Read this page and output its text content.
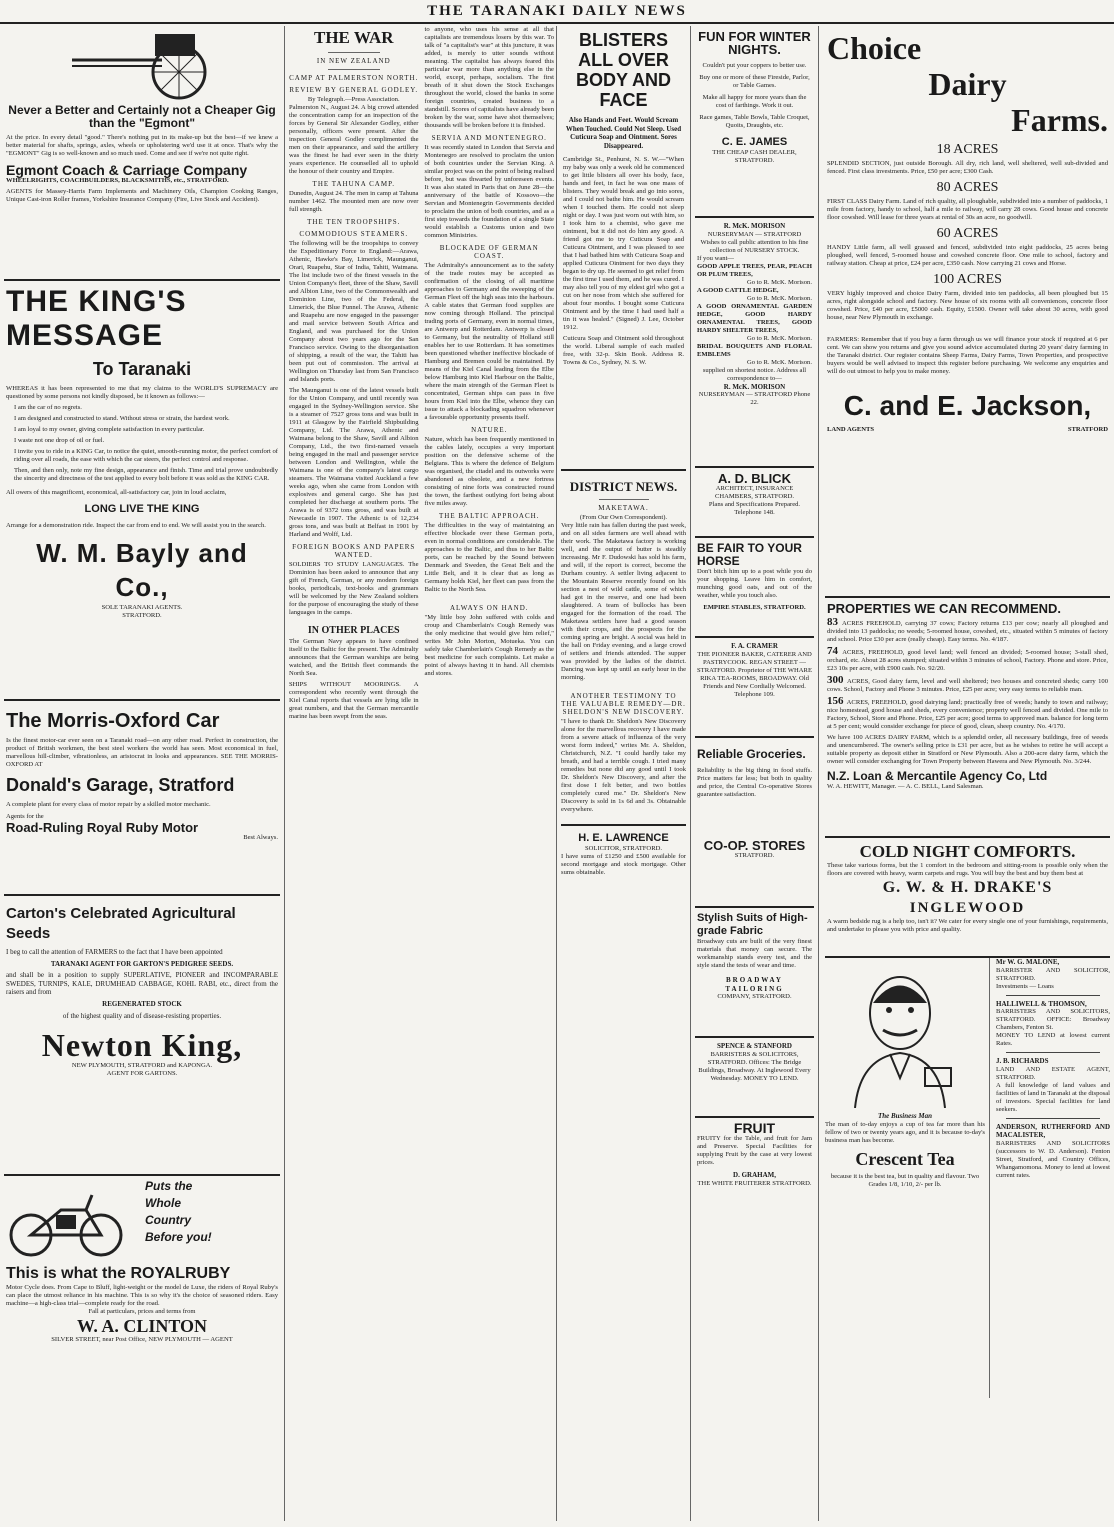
THE TARANAKI DAILY NEWS
Never a Better and Certainly not a Cheaper Gig than the "Egmont"
At the price. In every detail "good." There's nothing put in its make-up but the best—if we knew a better material for shafts, springs, axles, wheels or upholstering we'd use it at once. That's why the "EGMONT" Gig is so well-known and so much used. Come and see if we're not quite right.
Egmont Coach & Carriage Company
WHEELRIGHTS, COACHBUILDERS, BLACKSMITHS, etc., STRATFORD.
AGENTS for Massey-Harris Farm Implements and Machinery Oils, Champion Cooking Ranges, Unique Cast-iron Roller frames, Yorkshire Insurance Company (Fire, Live Stock and Accident).
THE KING'S
MESSAGE
To Taranaki
WHEREAS it has been represented to me that my claims to the WORLD'S SUPREMACY are questioned by some persons not kindly disposed, be it known as follows:—
I am the car of no regrets.
I am designed and constructed to stand. Without stress or strain, the hardest work.
I am loyal to my owner, giving complete satisfaction in every particular.
I waste not one drop of oil or fuel.
I invite you to ride in a KING Car, to notice the quiet, smooth-running motor, the perfect comfort of riding over all roads, the ease with which the car steers, the perfect control and response.
Then, and then only, note my fine design, appearance and finish. Time and trial prove undoubtedly the sincerity and directness of the test applied to every bolt before it was sold as the KING CAR.
All owers of this magnificent, economical, all-satisfactory car, join in loud acclaim,
LONG LIVE THE KING
Arrange for a demonstration ride. Inspect the car from end to end. We will assist you in the search.
W. M. Bayly and Co.,
SOLE TARANAKI AGENTS.
STRATFORD.
The Morris-Oxford Car
Is the finest motor-car ever seen on a Taranaki road—on any other road. Perfect in construction, the product of British workmen, the best steel workers the world has seen. Most economical in fuel, marvellous hill-climber, vibrationless, an aristocrat in looks and appearances. SEE THE MORRIS-OXFORD AT
Donald's Garage, Stratford
A complete plant for every class of motor repair by a skilled motor mechanic.
Agents for the
Road-Ruling Royal Ruby Motor
Best Always.
Carton's Celebrated Agricultural Seeds
I beg to call the attention of FARMERS to the fact that I have been appointed
TARANAKI AGENT FOR GARTON'S PEDIGREE SEEDS.
and shall be in a position to supply SUPERLATIVE, PIONEER and INCOMPARABLE SWEDES, TURNIPS, KALE, DRUMHEAD CABBAGE, KOHL RABI, etc., direct from the raisers and from
REGENERATED STOCK
of the highest quality and of disease-resisting properties.
Newton King,
NEW PLYMOUTH, STRATFORD and KAPONGA.
AGENT FOR GARTONS.
Puts the
Whole
Country
Before you!
This is what the ROYALRUBY
Motor Cycle does. From Cape to Bluff, light-weight or the model de Luxe, the riders of Royal Ruby's can place the utmost reliance in his machine. This is so why it's the choice of seasoned riders. Easy machine—a high-class trial—complete ready for the road.
Fall at particulars, prices and terms from
W. A. CLINTON
SILVER STREET, near Post Office, NEW PLYMOUTH — AGENT
THE WAR
IN NEW ZEALAND
CAMP AT PALMERSTON NORTH.
REVIEW BY GENERAL GODLEY.
By Telegraph.—Press Association.
Palmerston N., August 24. A big crowd attended the concentration camp for an inspection of the forces by General Sir Alexander Godley, either personally, officers were present. After the inspection General Godley complimented the men on their appearance, and said the artillery was the finest he had ever seen in the thirty years experience. He counselled all to uphold the honour of their country and Empire.
THE TAHUNA CAMP.
Dunedin, August 24. The men in camp at Tahuna number 1462. The mounted men are now over full strength.
THE TEN TROOPSHIPS.
COMMODIOUS STEAMERS.
The following will be the troopships to convey the Expeditionary Force to England:—Arawa, Athenic, Hawke's Bay, Limerick, Maunganui, Orari, Ruapehu, Star of India, Tahiti, Waimana. The list include two of the finest vessels in the Union Company's fleet, three of the Shaw, Savill and Albion Line, two of the Commonwealth and Dominion Line, two of the Federal, the Limerick, the Blue Funnel. The Arawa, Athenic and Ruapehu are now engaged in the passenger and mail service between South Africa and England, and was purchased for the Union Company about two years ago for the San Francisco service. Owing to the disorganisation of shipping, a result of the war, the Tahiti has been put out of commission. The arrival at Wellington on Thursday last from San Francisco and Islands ports.
The Maunganui is one of the latest vessels built for the Union Company, and until recently was engaged in the Sydney-Wellington service. She is a steamer of 7527 gross tons and was built in 1911 at Glasgow by the Fairfield Shipbuilding Company, Ltd. The Arawa, Athenic and Waimana belong to the Shaw, Savill and Albion Company, Ltd., the two first-named vessels being engaged in the mail and passenger service between London and Wellington, while the Waimana is one of the company's latest cargo steamers. The Waimana visited Auckland a few weeks ago, when she came from London with explosives and general cargo. She has just completed her discharge at southern ports. The Arawa is of 9372 tons gross, and was built at Newcastle in 1907. The Athenic is of 12,234 gross tons, and was built at Belfast in 1901 by Harland and Wolff, Ltd.
FOREIGN BOOKS AND PAPERS WANTED.
SOLDIERS TO STUDY LANGUAGES. The Dominion has been asked to announce that any gift of French, German, or any modern foreign books, periodicals, text-books and grammars will be welcomed by the New Zealand soldiers for the purpose of encouraging the study of these languages in the camps.
IN OTHER PLACES
The German Navy appears to have confined itself to the Baltic for the present. The Admiralty announces that the German warships are being watched, and the British fleet commands the North Sea.
SHIPS WITHOUT MOORINGS. A correspondent who recently went through the Kiel Canal reports that vessels are lying idle in great numbers, and that the German mercantile marine has been swept from the seas.
to anyone, who uses his sense at all that capitalists are tremendous losers by this war. To talk of "a capitalist's war" at this juncture, it was added, is merely to utter sounds without meaning. The capitalist has always feared this particular war more than anything else in the world, except, perhaps, socialism. The first breath of it shut down the Stock Exchanges throughout the world, closed the banks in some foreign countries, created business to a standstill. Scores of capitalists have already been broken by the war, some have shot themselves; thousands will be broken before it is finished.
SERVIA AND MONTENEGRO.
It was recently stated in London that Servia and Montenegro are resolved to proclaim the union of both countries under the Servian King. A similar project was on the point of being realised before, but was thwarted by unforeseen events. It was also stated in Paris that on June 28—the anniversary of the battle of Kossovo—the Servian and Montenegrin Governments decided to proclaim the union of both countries, and as a first step towards the foundation of a single State would establish a Customs union and two common Ministries.
BLOCKADE OF GERMAN COAST.
The Admiralty's announcement as to the safety of the trade routes may be accepted as confirmation of the closing of all maritime approaches to Germany and the sweeping of the German Fleet off the high seas into the harbours. A cable states that German food supplies are now coming through Holland. The principal trading ports of Germany, even in normal times, are Antwerp and Rotterdam. Antwerp is closed to Germany, but the neutrality of Holland still enables her to use Rotterdam. It has sometimes been questioned whether ineffective blockade of Hamburg and Bremen could be maintained. By means of the Kiel Canal leading from the Elbe below Hamburg into Kiel Harbour on the Baltic, where the main strength of the German Fleet is concentrated, German ships can pass in five hours from Kiel into the Elbe, whence they can issue to attack a blockading squadron whenever a favourable opportunity presents itself.
NATURE.
Nature, which has been frequently mentioned in the cables lately, occupies a very important position on the defensive scheme of the Belgians. This is where the defence of Belgium was organised, the citadel and its outworks were abandoned as obsolete, and a new fortress consisting of nine forts was constructed round the town, the farthest outlying fort being about five miles away.
THE BALTIC APPROACH.
The difficulties in the way of maintaining an effective blockade over these German ports, even in normal conditions are considerable. The approaches to the Baltic, and thus to her Baltic ports, can be reached by the Sound between Denmark and Sweden, the Great Belt and the Little Belt, and it is clear that as long as Germany holds Kiel, her fleet can pass from the Baltic to the North Sea.
ALWAYS ON HAND.
"My little boy John suffered with colds and croup and Chamberlain's Cough Remedy was the only medicine that would give him relief," writes Mr John Morton, Motueka. You can safely take Chamberlain's Cough Remedy as the best medicine for such complaints. Let make a point of always having it in hand. All chemists and stores.
BLISTERS ALL OVER BODY AND FACE
Also Hands and Feet. Would Scream When Touched. Could Not Sleep. Used Cuticura Soap and Ointment. Sores Disappeared.
Cambridge St., Penhurst, N. S. W.—"When my baby was only a week old he commenced to get little blisters all over his body, face, hands and feet, in fact he was one mass of blisters. They would break and go into sores, and I could not bathe him. He would scream when I touched them. He could not sleep night or day. I was just worn out with him, so I took him to a chemist, who gave me ointment, but it did not do him any good. A friend got me to try Cuticura Soap and Cuticura Ointment, and I was pleased to see that I had bathed him with Cuticura Soap and applied Cuticura Ointment for two days they began to dry up. He seemed to get relief from the first time I used them, and he was cured. I may also tell you of my eldest girl who got a cut on her nose from which she suffered for about four months. I bought some Cuticura Ointment and by the time I had used half a tin it was healed." (Signed) J. Lee, October 1912.
Cuticura Soap and Ointment sold throughout the world. Liberal sample of each mailed free, with 32-p. Skin Book. Address R. Towns & Co., Sydney, N. S. W.
DISTRICT NEWS.
MAKETAWA.
(From Our Own Correspondent).
Very little rain has fallen during the past week, and on all sides farmers are well ahead with their work. The Maketawa factory is working well, and the output of butter is steadily increasing. Mr F. Dudowski has sold his farm, and will, if the report is correct, become the Durham country. A settler living adjacent to the Mountain Reserve recently found on his section a nest of wild cattle, some of which had got in the reserve, and one had been slaughtered. A team of bullocks has been engaged for the formation of the road. The Maketawa settlers have had a good season with their crops, and the prospects for the coming spring are bright. A social was held in the hall on Friday evening, and a large crowd of settlers and friends attended. The supper was provided by the ladies of the district. Dancing was kept up until an early hour in the morning.
ANOTHER TESTIMONY TO THE VALUABLE REMEDY—DR. SHELDON'S NEW DISCOVERY.
"I have to thank Dr. Sheldon's New Discovery alone for the marvellous recovery I have made from a severe attack of influenza of the very worst form indeed," writes Mr. A. Sheldon, Christchurch, N.Z. "I could hardly take my breath, and had a terrible cough. I tried many remedies but none did any good until I took Dr. Sheldon's New Discovery, and after the first dose I felt better, and two bottles completely cured me." Dr. Sheldon's New Discovery is sold in 1s 6d and 3s. Obtainable everywhere.
H. E. LAWRENCE
SOLICITOR, STRATFORD.
I have sums of £1250 and £500 available for second mortgage and stock mortgage. Other sums obtainable.
FUN FOR WINTER NIGHTS.
Couldn't put your coppers to better use.
Buy one or more of these Fireside, Parlor, or Table Games.
Make all happy for more years than the cost of farthings. Work it out.
Race games, Table Bowls, Table Croquet, Quoits, Draughts, etc.
C. E. JAMES
THE CHEAP CASH DEALER, STRATFORD.
R. McK. MORISON
NURSERYMAN — STRATFORD
Wishes to call public attention to his fine collection of NURSERY STOCK.
If you want—
GOOD APPLE TREES, PEAR, PEACH OR PLUM TREES,
Go to R. McK. Morison.
A GOOD CATTLE HEDGE,
Go to R. McK. Morison.
A GOOD ORNAMENTAL GARDEN HEDGE, GOOD HARDY ORNAMENTAL TREES, GOOD HARDY SHELTER TREES,
Go to R. McK. Morison.
BRIDAL BOUQUETS AND FLORAL EMBLEMS
Go to R. McK. Morison.
supplied on shortest notice. Address all correspondence to—
R. McK. MORISON
NURSERYMAN — STRATFORD Phone 22.
A. D. BLICK
ARCHITECT, INSURANCE CHAMBERS, STRATFORD.
Plans and Specifications Prepared. Telephone 148.
BE FAIR TO YOUR HORSE
Don't bitch him up to a post while you do your shopping. Leave him in comfort, munching good oats, and out of the weather, while you touch also.
EMPIRE STABLES, STRATFORD.
F. A. CRAMER
THE PIONEER BAKER, CATERER AND PASTRYCOOK. REGAN STREET — STRATFORD. Proprietor of THE WHARE RIKA TEA-ROOMS, BROADWAY. Old Friends and New Cordially Welcomed. Telephone 109.
Reliable Groceries.
Reliability is the big thing in food stuffs. Price matters far less; but both in quality and price, the Central Co-operative Stores guarantee satisfaction.
CO-OP. STORES
STRATFORD.
Stylish Suits of High-grade Fabric
Broadway cuts are built of the very finest materials that money can secure. The workmanship stands every test, and the style stand the tests of wear and time.
BROADWAY TAILORING
COMPANY, STRATFORD.
SPENCE & STANFORD
BARRISTERS & SOLICITORS, STRATFORD. Offices: The Bridge Buildings, Broadway. At Inglewood Every Wednesday. MONEY TO LEND.
FRUIT
FRUITY for the Table, and fruit for Jam and Preserve. Special Facilities for supplying Fruit by the case at very lowest prices.
D. GRAHAM,
THE WHITE FRUITERER STRATFORD.
Choice
Dairy
Farms.
18 ACRES
SPLENDID SECTION, just outside Borough. All dry, rich land, well sheltered, well sub-divided and fenced. First class investments. Price, £50 per acre; £300 Cash.
80 ACRES
FIRST CLASS Dairy Farm. Land of rich quality, all ploughable, subdivided into a number of paddocks, 1 mile from factory, handy to school, half a mile to railway, will carry 28 cows. Good house and concrete floor cowshed. Will lease for three years at rental of 30s an acre, no goodwill.
60 ACRES
HANDY Little farm, all well grassed and fenced, subdivided into eight paddocks, 25 acres being ploughed, well fenced, 5-roomed house and cowshed concrete floor. One mile to school, factory and railway station. Cheap at price, £24 per acre, £350 cash. Now carrying 21 cows and Horse.
100 ACRES
VERY highly improved and choice Dairy Farm, divided into ten paddocks, all been ploughed but 15 acres, right alongside school and factory. New house of six rooms with all conveniences, concrete floor cowshed. Price, £40 per acre, £5000 cash. Equity, £1500. Owner will take about 30 acres, with good house, near New Plymouth in exchange.
FARMERS: Remember that if you buy a farm through us we will finance your stock if required at 6 per cent. We can show you returns and give you sound advice accumulated during 20 years' dairy farming in the Taranaki district. Our register contains Sheep Farms, Dairy Farms, Town Properties, and prospective buyers would be well advised to inspect this register before purchasing. We welcome any enquiries and will do out utmost to help you to make money.
C. and E. Jackson,
LAND AGENTS	STRATFORD
PROPERTIES WE CAN RECOMMEND.
83 ACRES FREEHOLD, carrying 37 cows; Factory returns £13 per cow; nearly all ploughed and divided into 13 paddocks; no weeds; 5-roomed house, cowshed, etc., situated within 5 minutes of factory and school. Price £30 per acre (really cheap). Easy terms. No. 4/187.
74 ACRES, FREEHOLD, good level land; well fenced an divided; 5-roomed house; 3-stall shed, orchard, etc. About 28 acres stumped; situated within 3 minutes of school, Factory. Phone and store. Price, £23 10s per acre, with £900 cash. No. 92/20.
300 ACRES, Good dairy farm, level and well sheltered; two houses and concreted sheds; carry 100 cows. School, Factory and Phone 3 minutes. Price, £25 per acre; very easy terms to reliable man.
156 ACRES, FREEHOLD, good dairying land; practically free of weeds; handy to town and railway; nice homestead, good house and sheds, every convenience; property well fenced and divided. One mile to Factory, School, Store and Phone. Price, £25 per acre; good terms to approved man. balance for long term at 5 per cent; would consider exchange for piece of good, clean, sheep country. No. 4/170.
We have 100 ACRES DAIRY FARM, which is a splendid order, all necessary buildings, free of weeds and unencumbered. The owner's selling price is £31 per acre, but as he wishes to retire he will accept a suitable property as deposit either in Stratford or New Plymouth. Also a 200-acre dairy farm, which the owner will consider exchanging for Town Property between Hawera and New Plymouth. No. 3/244.
N.Z. Loan & Mercantile Agency Co, Ltd
W. A. HEWITT, Manager. — A. C. BELL, Land Salesman.
COLD NIGHT COMFORTS.
These take various forms, but the 1 comfort in the bedroom and sitting-room is possible only when the floors are covered with heavy, warm carpets and rugs. You will buy the best and buy them best at
G. W. & H. DRAKE'S
INGLEWOOD
A warm bedside rug is a help too, isn't it? We cater for every single one of your furnishings, requirements, and undertake to please you with price and quality.
The Business Man
The man of to-day enjoys a cup of tea far more than his fellow of two or twenty years ago, and it is because to-day's business man has become.
Crescent Tea
because it is the best tea, but in quality and flavour. Two Grades 1/8, 1/10, 2/- per lb.
Mr W. G. MALONE,
BARRISTER AND SOLICITOR, STRATFORD.
Investments — Loans
HALLIWELL & THOMSON,
BARRISTERS AND SOLICITORS, STRATFORD. OFFICE: Broadway Chambers, Fenton St.
MONEY TO LEND at lowest current Rates.
J. B. RICHARDS
LAND AND ESTATE AGENT, STRATFORD.
A full knowledge of land values and facilities of land in Taranaki at the disposal of investors. Special facilities for land seekers.
ANDERSON, RUTHERFORD AND MACALISTER,
BARRISTERS AND SOLICITORS (successors to W. D. Anderson). Fenton Street, Stratford, and Country Offices, Whangamomona. Money to lend at lowest current rates.
